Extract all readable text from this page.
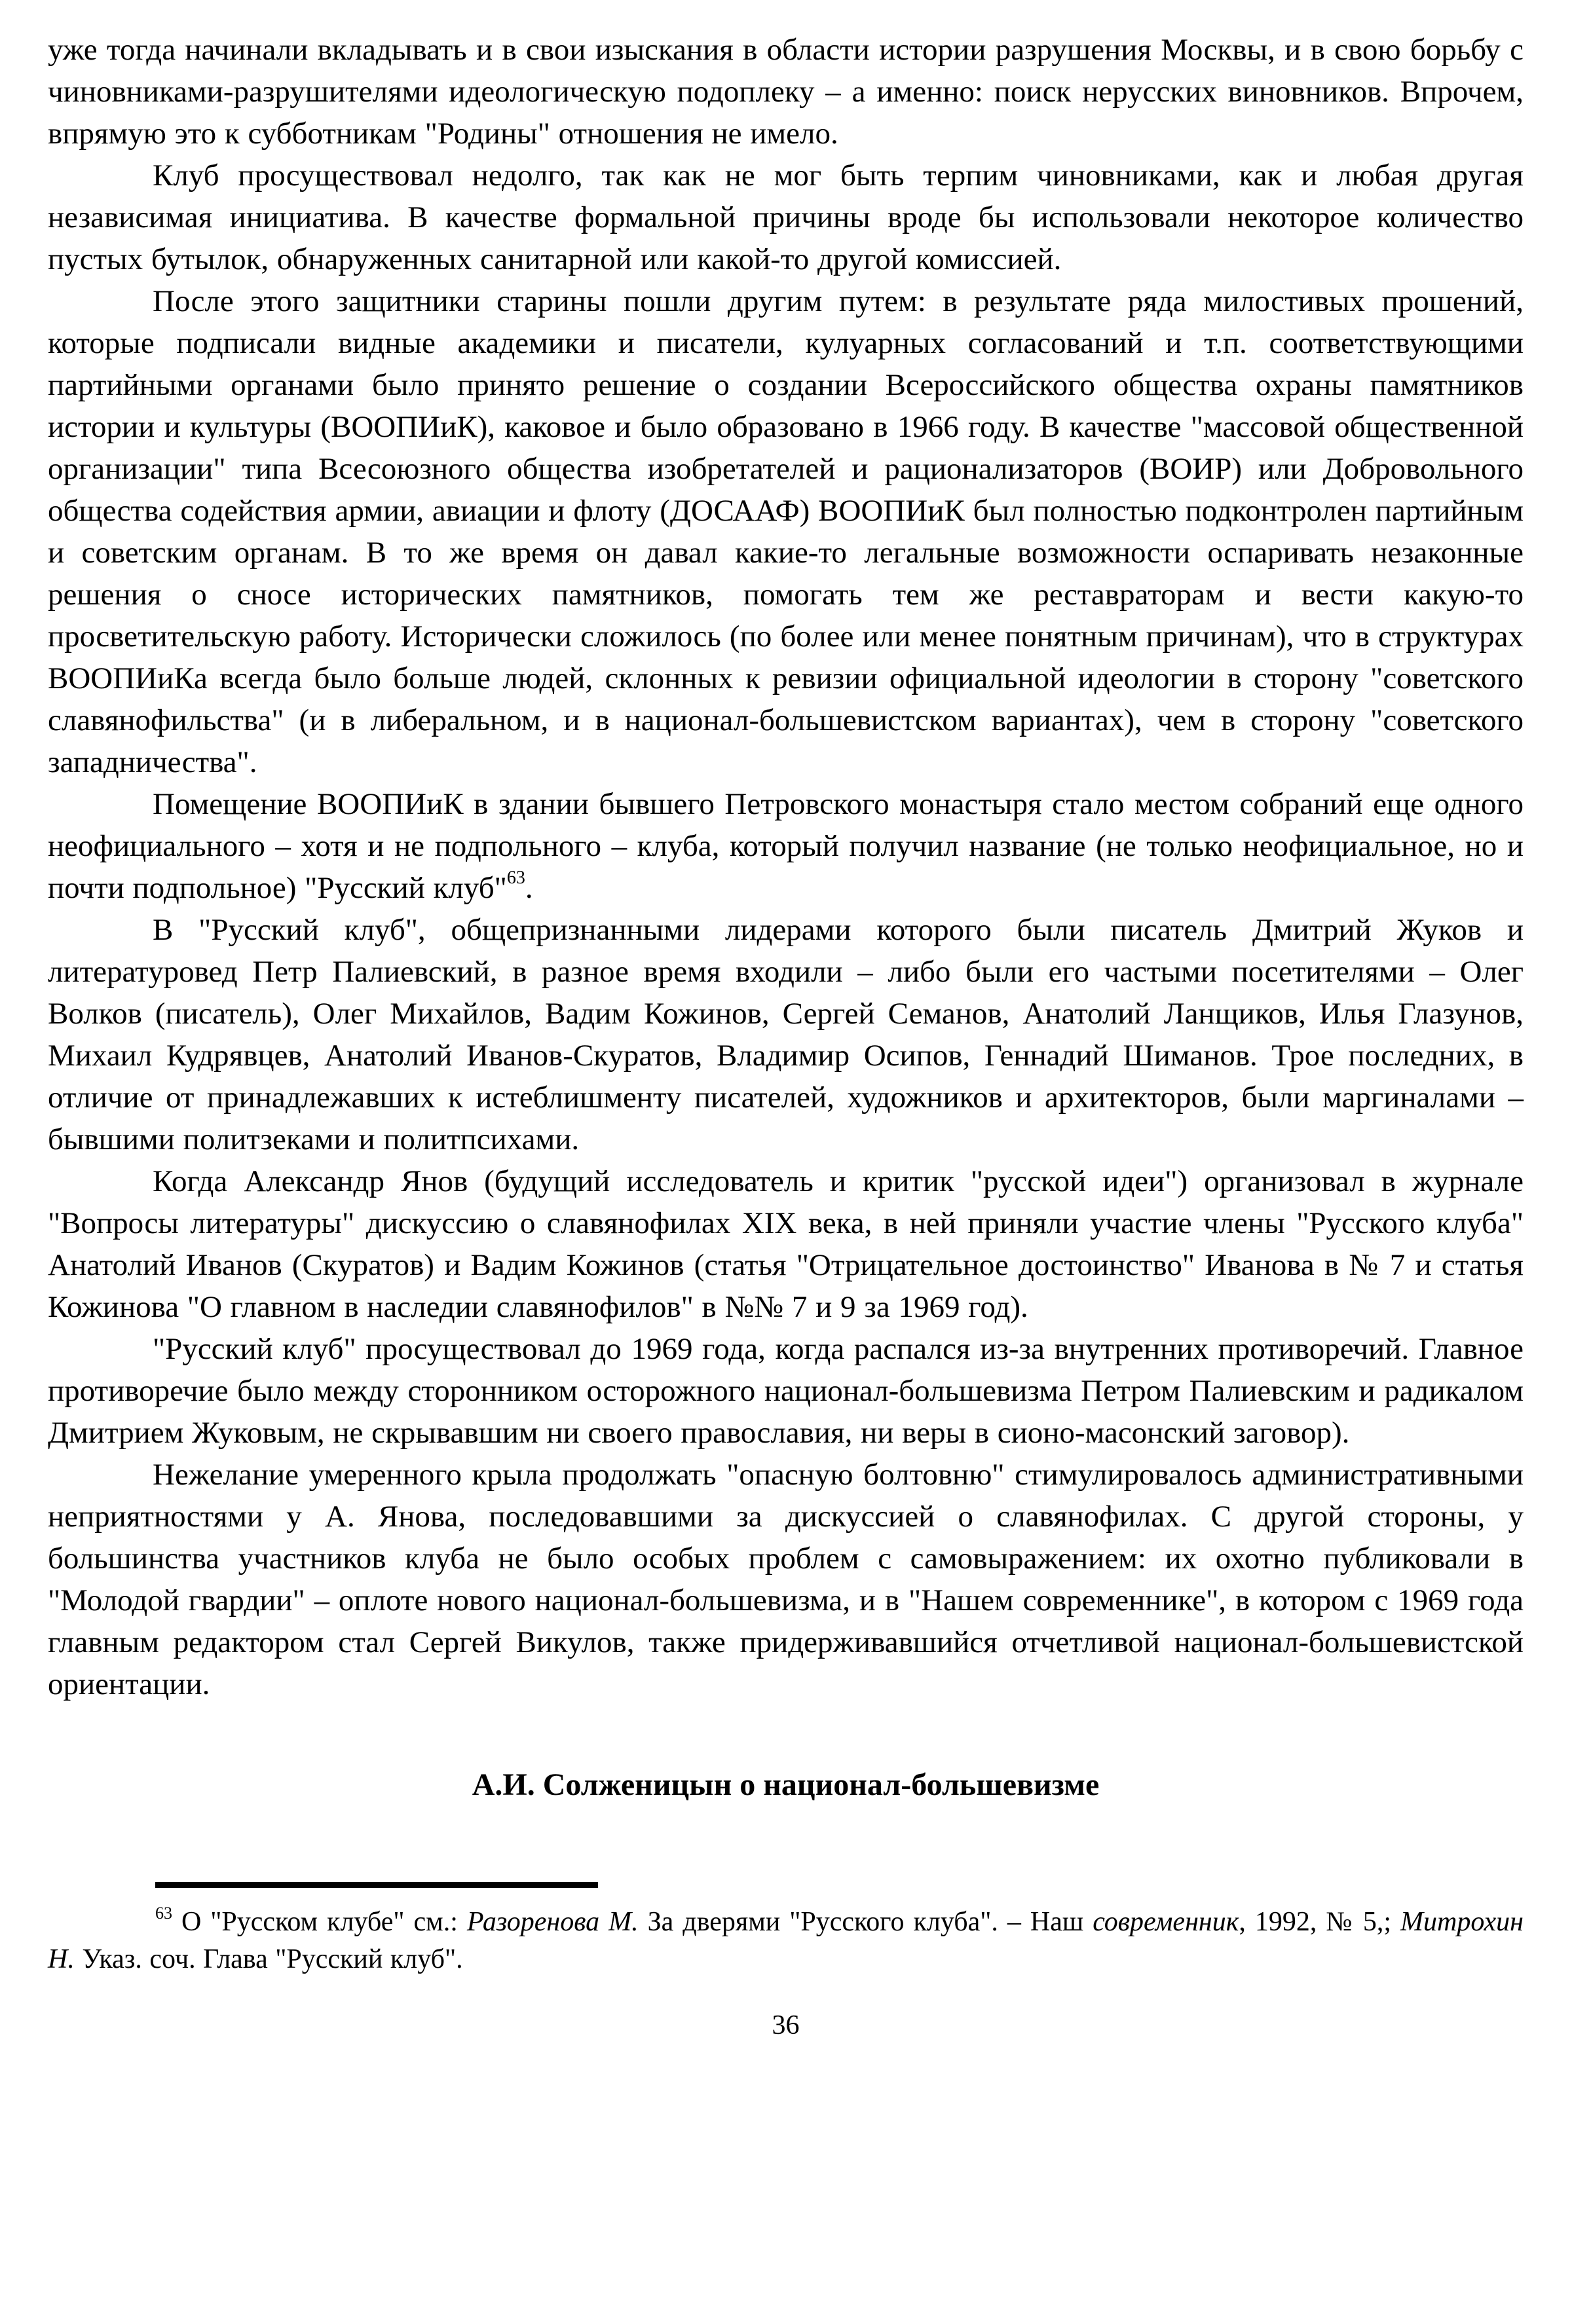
уже тогда начинали вкладывать и в свои изыскания в области истории разрушения Москвы, и в свою борьбу с чиновниками-разрушителями идеологическую подоплеку – а именно: поиск нерусских виновников. Впрочем, впрямую это к субботникам "Родины" отношения не имело.

Клуб просуществовал недолго, так как не мог быть терпим чиновниками, как и любая другая независимая инициатива. В качестве формальной причины вроде бы использовали некоторое количество пустых бутылок, обнаруженных санитарной или какой-то другой комиссией.

После этого защитники старины пошли другим путем: в результате ряда милостивых прошений, которые подписали видные академики и писатели, кулуарных согласований и т.п. соответствующими партийными органами было принято решение о создании Всероссийского общества охраны памятников истории и культуры (ВООПИиК), каковое и было образовано в 1966 году. В качестве "массовой общественной организации" типа Всесоюзного общества изобретателей и рационализаторов (ВОИР) или Добровольного общества содействия армии, авиации и флоту (ДОСААФ) ВООПИиК был полностью подконтролен партийным и советским органам. В то же время он давал какие-то легальные возможности оспаривать незаконные решения о сносе исторических памятников, помогать тем же реставраторам и вести какую-то просветительскую работу. Исторически сложилось (по более или менее понятным причинам), что в структурах ВООПИиКа всегда было больше людей, склонных к ревизии официальной идеологии в сторону "советского славянофильства" (и в либеральном, и в национал-большевистском вариантах), чем в сторону "советского западничества".

Помещение ВООПИиК в здании бывшего Петровского монастыря стало местом собраний еще одного неофициального – хотя и не подпольного – клуба, который получил название (не только неофициальное, но и почти подпольное) "Русский клуб"$^{63}$.

В "Русский клуб", общепризнанными лидерами которого были писатель Дмитрий Жуков и литературовед Петр Палиевский, в разное время входили – либо были его частыми посетителями – Олег Волков (писатель), Олег Михайлов, Вадим Кожинов, Сергей Семанов, Анатолий Ланщиков, Илья Глазунов, Михаил Кудрявцев, Анатолий Иванов-Скуратов, Владимир Осипов, Геннадий Шиманов. Трое последних, в отличие от принадлежавших к истеблишменту писателей, художников и архитекторов, были маргиналами – бывшими политзеками и политпсихами.

Когда Александр Янов (будущий исследователь и критик "русской идеи") организовал в журнале "Вопросы литературы" дискуссию о славянофилах XIX века, в ней приняли участие члены "Русского клуба" Анатолий Иванов (Скуратов) и Вадим Кожинов (статья "Отрицательное достоинство" Иванова в № 7 и статья Кожинова "О главном в наследии славянофилов" в №№ 7 и 9 за 1969 год).

"Русский клуб" просуществовал до 1969 года, когда распался из-за внутренних противоречий. Главное противоречие было между сторонником осторожного национал-большевизма Петром Палиевским и радикалом Дмитрием Жуковым, не скрывавшим ни своего православия, ни веры в сионо-масонский заговор).

Нежелание умеренного крыла продолжать "опасную болтовню" стимулировалось административными неприятностями у А. Янова, последовавшими за дискуссией о славянофилах. С другой стороны, у большинства участников клуба не было особых проблем с самовыражением: их охотно публиковали в "Молодой гвардии" – оплоте нового национал-большевизма, и в "Нашем современнике", в котором с 1969 года главным редактором стал Сергей Викулов, также придерживавшийся отчетливой национал-большевистской ориентации.

А.И. Солженицын о национал-большевизме

$^{63}$ О "Русском клубе" см.: Разоренова М. За дверями "Русского клуба". – Наш современник, 1992, № 5,; Митрохин Н. Указ. соч. Глава "Русский клуб".

36
